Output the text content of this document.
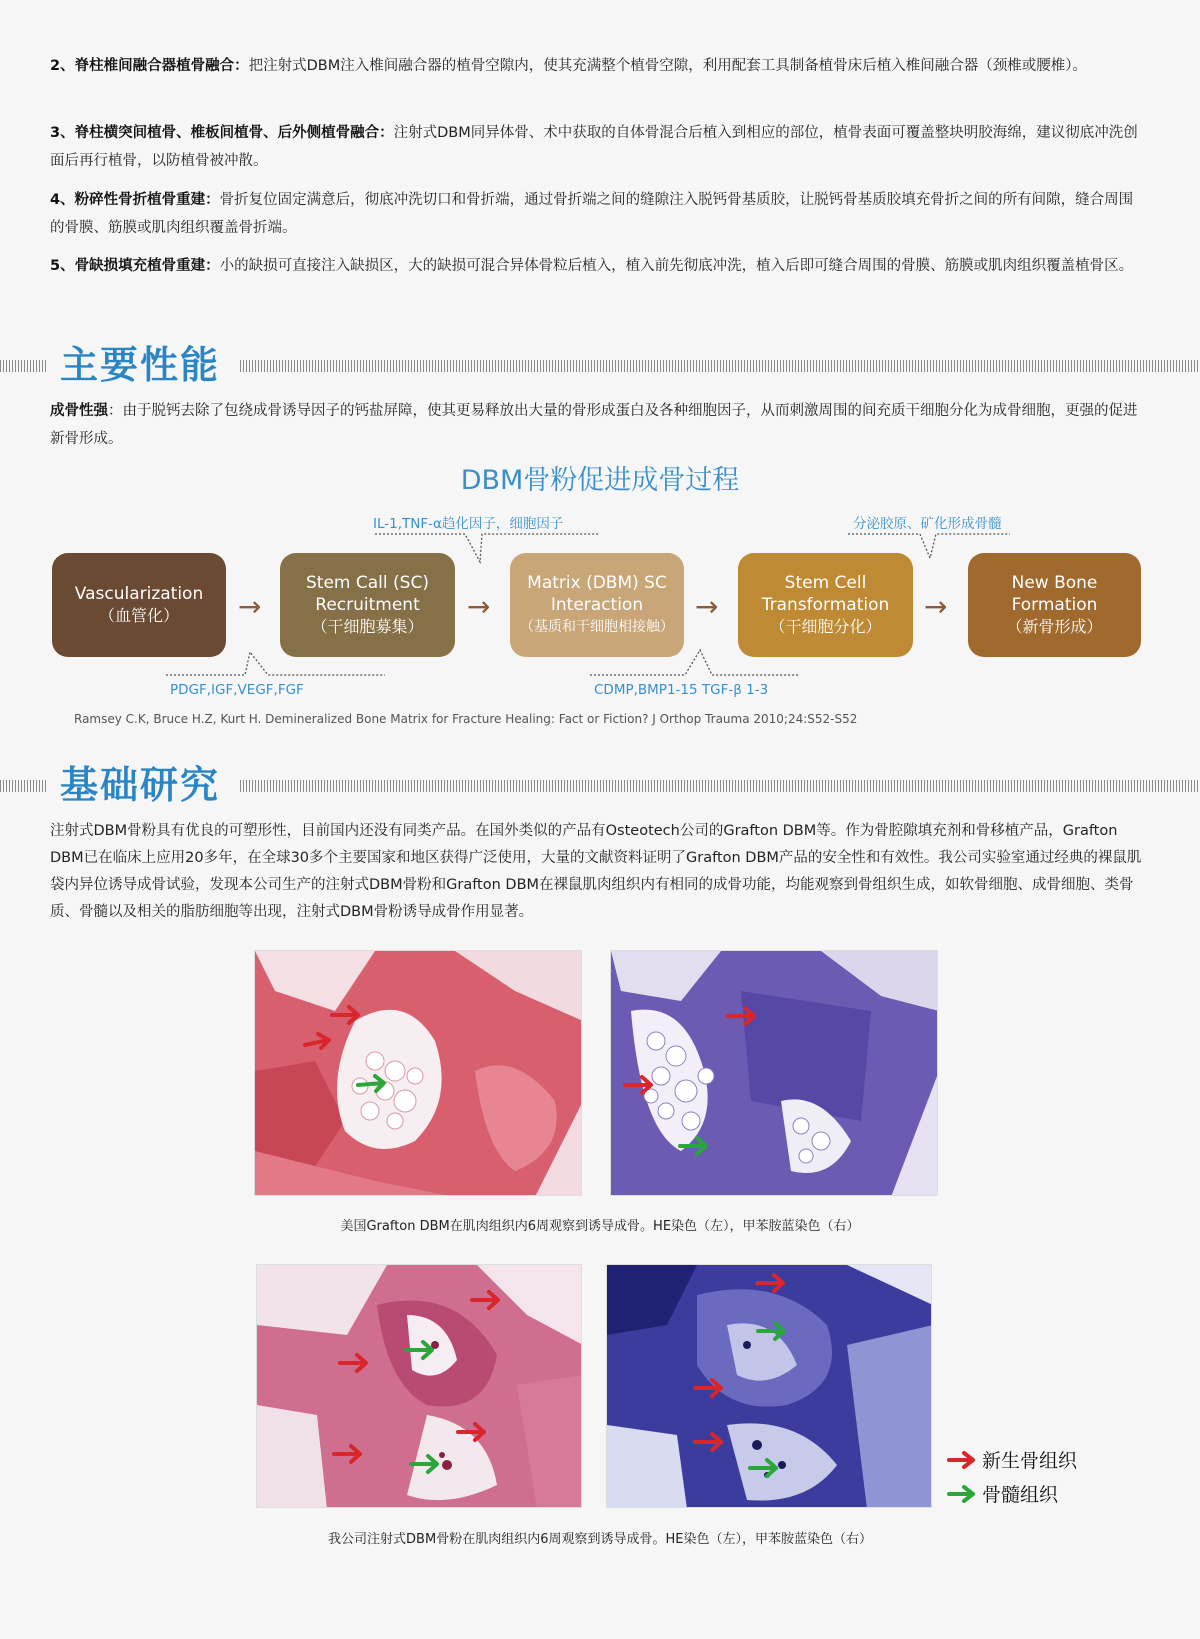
2、脊柱椎间融合器植骨融合：把注射式DBM注入椎间融合器的植骨空隙内，使其充满整个植骨空隙，利用配套工具制备植骨床后植入椎间融合器（颈椎或腰椎）。
3、脊柱横突间植骨、椎板间植骨、后外侧植骨融合：注射式DBM同异体骨、术中获取的自体骨混合后植入到相应的部位，植骨表面可覆盖整块明胶海绵，建议彻底冲洗创面后再行植骨，以防植骨被冲散。
4、粉碎性骨折植骨重建：骨折复位固定满意后，彻底冲洗切口和骨折端，通过骨折端之间的缝隙注入脱钙骨基质胶，让脱钙骨基质胶填充骨折之间的所有间隙，缝合周围的骨膜、筋膜或肌肉组织覆盖骨折端。
5、骨缺损填充植骨重建：小的缺损可直接注入缺损区，大的缺损可混合异体骨粒后植入，植入前先彻底冲洗，植入后即可缝合周围的骨膜、筋膜或肌肉组织覆盖植骨区。
主要性能
成骨性强：由于脱钙去除了包绕成骨诱导因子的钙盐屏障，使其更易释放出大量的骨形成蛋白及各种细胞因子，从而刺激周围的间充质干细胞分化为成骨细胞，更强的促进新骨形成。
DBM骨粉促进成骨过程
IL-1,TNF-α趋化因子，细胞因子	分泌胶原、矿化形成骨髓
PDGF,IGF,VEGF,FGF	CDMP,BMP1-15 TGF-β 1-3
Vascularization
（血管化）	→
Stem Call (SC)
Recruitment
（干细胞募集）
→
Matrix (DBM) SC
Interaction
（基质和干细胞相接触）
→
Stem Cell
Transformation
（干细胞分化）
→
New Bone
Formation
（新骨形成）
Ramsey C.K, Bruce H.Z, Kurt H. Demineralized Bone Matrix for Fracture Healing: Fact or Fiction? J Orthop Trauma 2010;24:S52-S52
基础研究
注射式DBM骨粉具有优良的可塑形性，目前国内还没有同类产品。在国外类似的产品有Osteotech公司的Grafton DBM等。作为骨腔隙填充剂和骨移植产品，Grafton DBM已在临床上应用20多年，在全球30多个主要国家和地区获得广泛使用，大量的文献资料证明了Grafton DBM产品的安全性和有效性。我公司实验室通过经典的裸鼠肌袋内异位诱导成骨试验，发现本公司生产的注射式DBM骨粉和Grafton DBM在裸鼠肌肉组织内有相同的成骨功能，均能观察到骨组织生成，如软骨细胞、成骨细胞、类骨质、骨髓以及相关的脂肪细胞等出现，注射式DBM骨粉诱导成骨作用显著。
美国Grafton DBM在肌肉组织内6周观察到诱导成骨。HE染色（左），甲苯胺蓝染色（右）
新生骨组织
骨髓组织
我公司注射式DBM骨粉在肌肉组织内6周观察到诱导成骨。HE染色（左），甲苯胺蓝染色（右）
